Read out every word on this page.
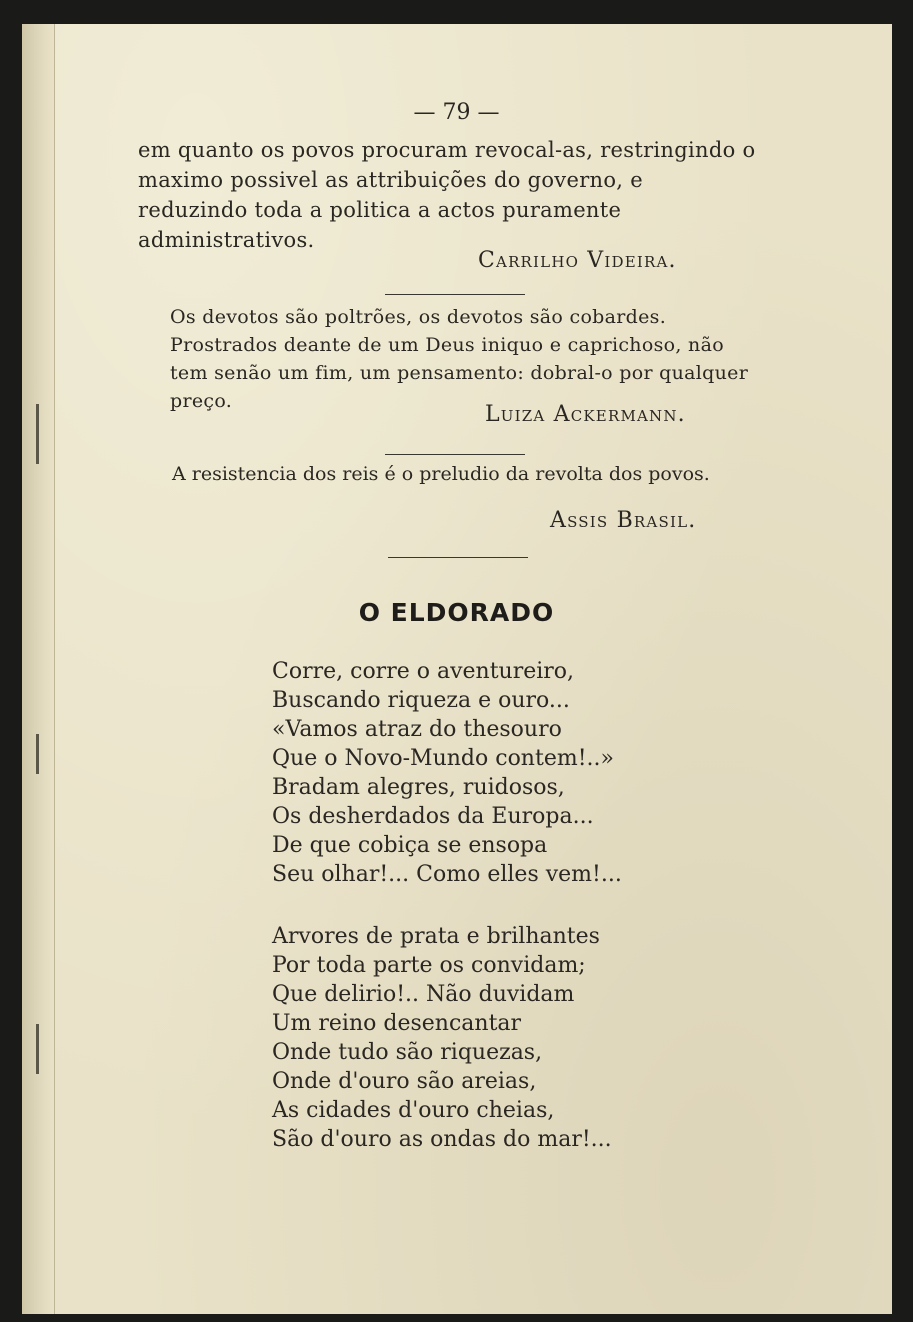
— 79 —
em quanto os povos procuram revocal-as, restringindo o maximo possivel as attribuições do governo, e reduzindo toda a politica a actos puramente administrativos.
Carrilho Videira.
Os devotos são poltrões, os devotos são cobardes. Prostrados deante de um Deus iniquo e caprichoso, não tem senão um fim, um pensamento: dobral-o por qualquer preço.
Luiza Ackermann.
A resistencia dos reis é o preludio da revolta dos povos.
Assis Brasil.
O ELDORADO
Corre, corre o aventureiro,
Buscando riqueza e ouro...
«Vamos atraz do thesouro
Que o Novo-Mundo contem!..»
Bradam alegres, ruidosos,
Os desherdados da Europa...
De que cobiça se ensopa
Seu olhar!... Como elles vem!...
Arvores de prata e brilhantes
Por toda parte os convidam;
Que delirio!.. Não duvidam
Um reino desencantar
Onde tudo são riquezas,
Onde d'ouro são areias,
As cidades d'ouro cheias,
São d'ouro as ondas do mar!...
